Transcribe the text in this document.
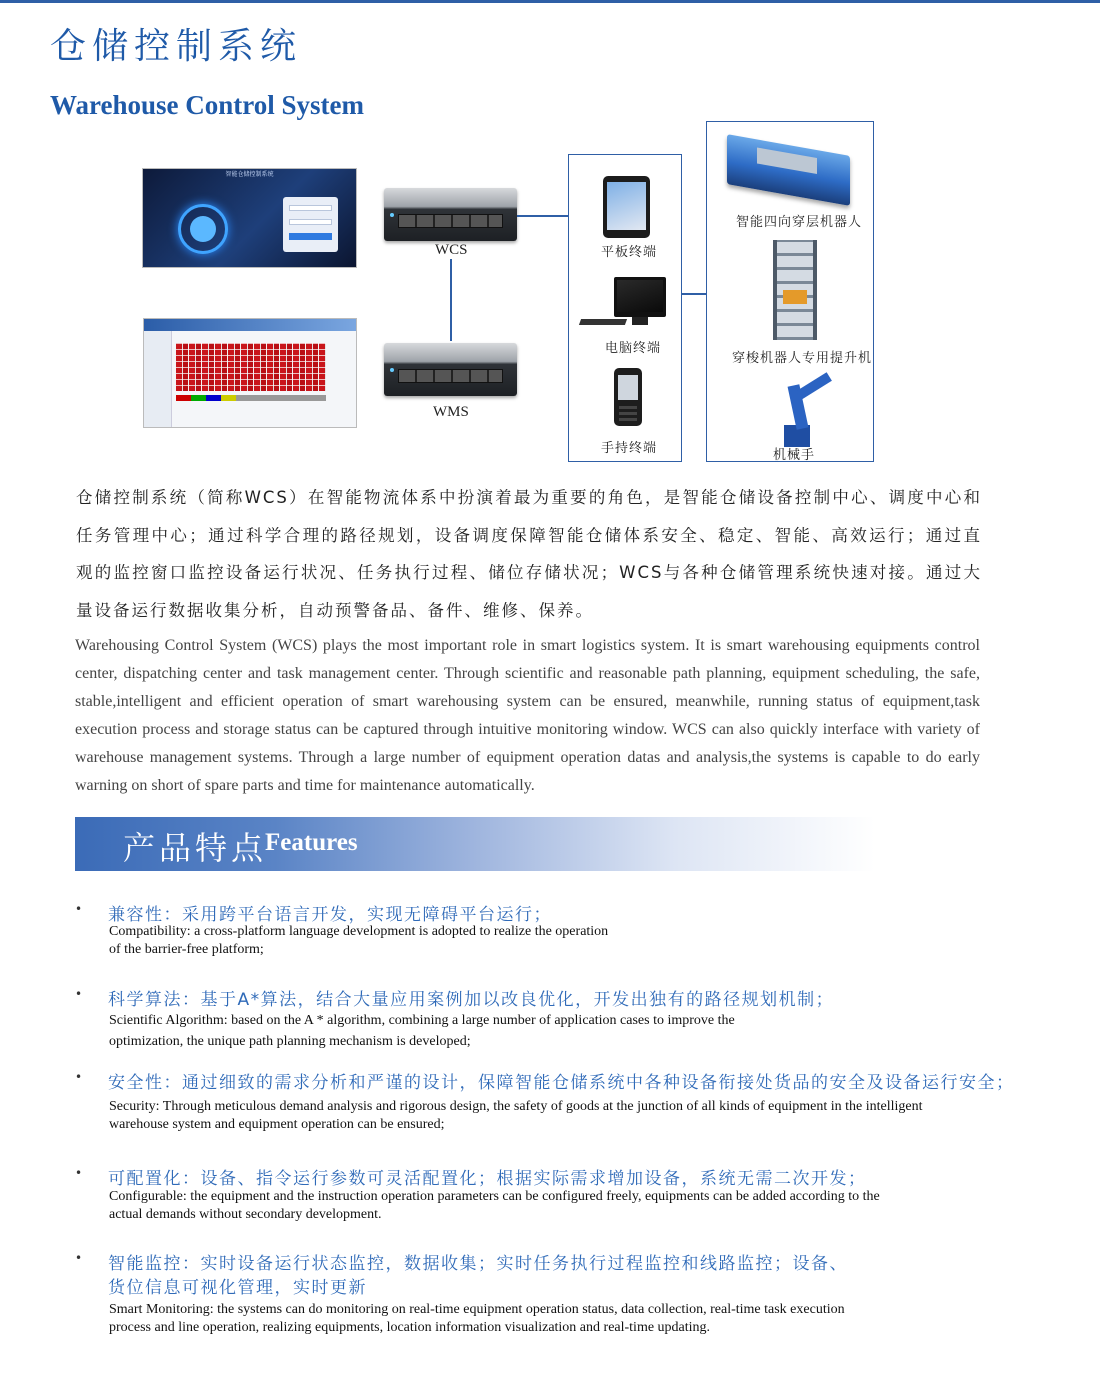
仓储控制系统
Warehouse Control System
智能仓储控制系统
WCS
WMS
平板终端
电脑终端
手持终端
智能四向穿层机器人
穿梭机器人专用提升机
机械手

仓储控制系统（简称WCS）在智能物流体系中扮演着最为重要的角色，是智能仓储设备控制中心、调度中心和任务管理中心；通过科学合理的路径规划，设备调度保障智能仓储体系安全、稳定、智能、高效运行；通过直观的监控窗口监控设备运行状况、任务执行过程、储位存储状况；WCS与各种仓储管理系统快速对接。通过大量设备运行数据收集分析，自动预警备品、备件、维修、保养。

Warehousing Control System (WCS) plays the most important role in smart logistics system. It is smart warehousing equipments control center, dispatching center and task management center. Through scientific and reasonable path planning, equipment scheduling, the safe, stable,intelligent and efficient operation of smart warehousing system can be ensured, meanwhile, running status of equipment,task execution process and storage status can be captured through intuitive monitoring window. WCS can also quickly interface with variety of warehouse management systems. Through a large number of equipment operation datas and analysis,the systems is capable to do early warning on short of spare parts and time for maintenance automatically.

产品特点
Features
• 兼容性：采用跨平台语言开发，实现无障碍平台运行；
Compatibility: a cross-platform language development is adopted to realize the operation
of the barrier-free platform;
• 科学算法：基于A*算法，结合大量应用案例加以改良优化，开发出独有的路径规划机制；
Scientific Algorithm: based on the A * algorithm, combining a large number of application cases to improve the
optimization, the unique path planning mechanism is developed;
• 安全性：通过细致的需求分析和严谨的设计，保障智能仓储系统中各种设备衔接处货品的安全及设备运行安全；
Security: Through meticulous demand analysis and rigorous design, the safety of goods at the junction of all kinds of equipment in the intelligent
warehouse system and equipment operation can be ensured;
• 可配置化：设备、指令运行参数可灵活配置化；根据实际需求增加设备，系统无需二次开发；
Configurable: the equipment and the instruction operation parameters can be configured freely, equipments can be added according to the
actual demands without secondary development.
• 智能监控：实时设备运行状态监控，数据收集；实时任务执行过程监控和线路监控；设备、
货位信息可视化管理，实时更新
Smart Monitoring: the systems can do monitoring on real-time equipment operation status, data collection, real-time task execution
process and line operation, realizing equipments, location information visualization and real-time updating.
